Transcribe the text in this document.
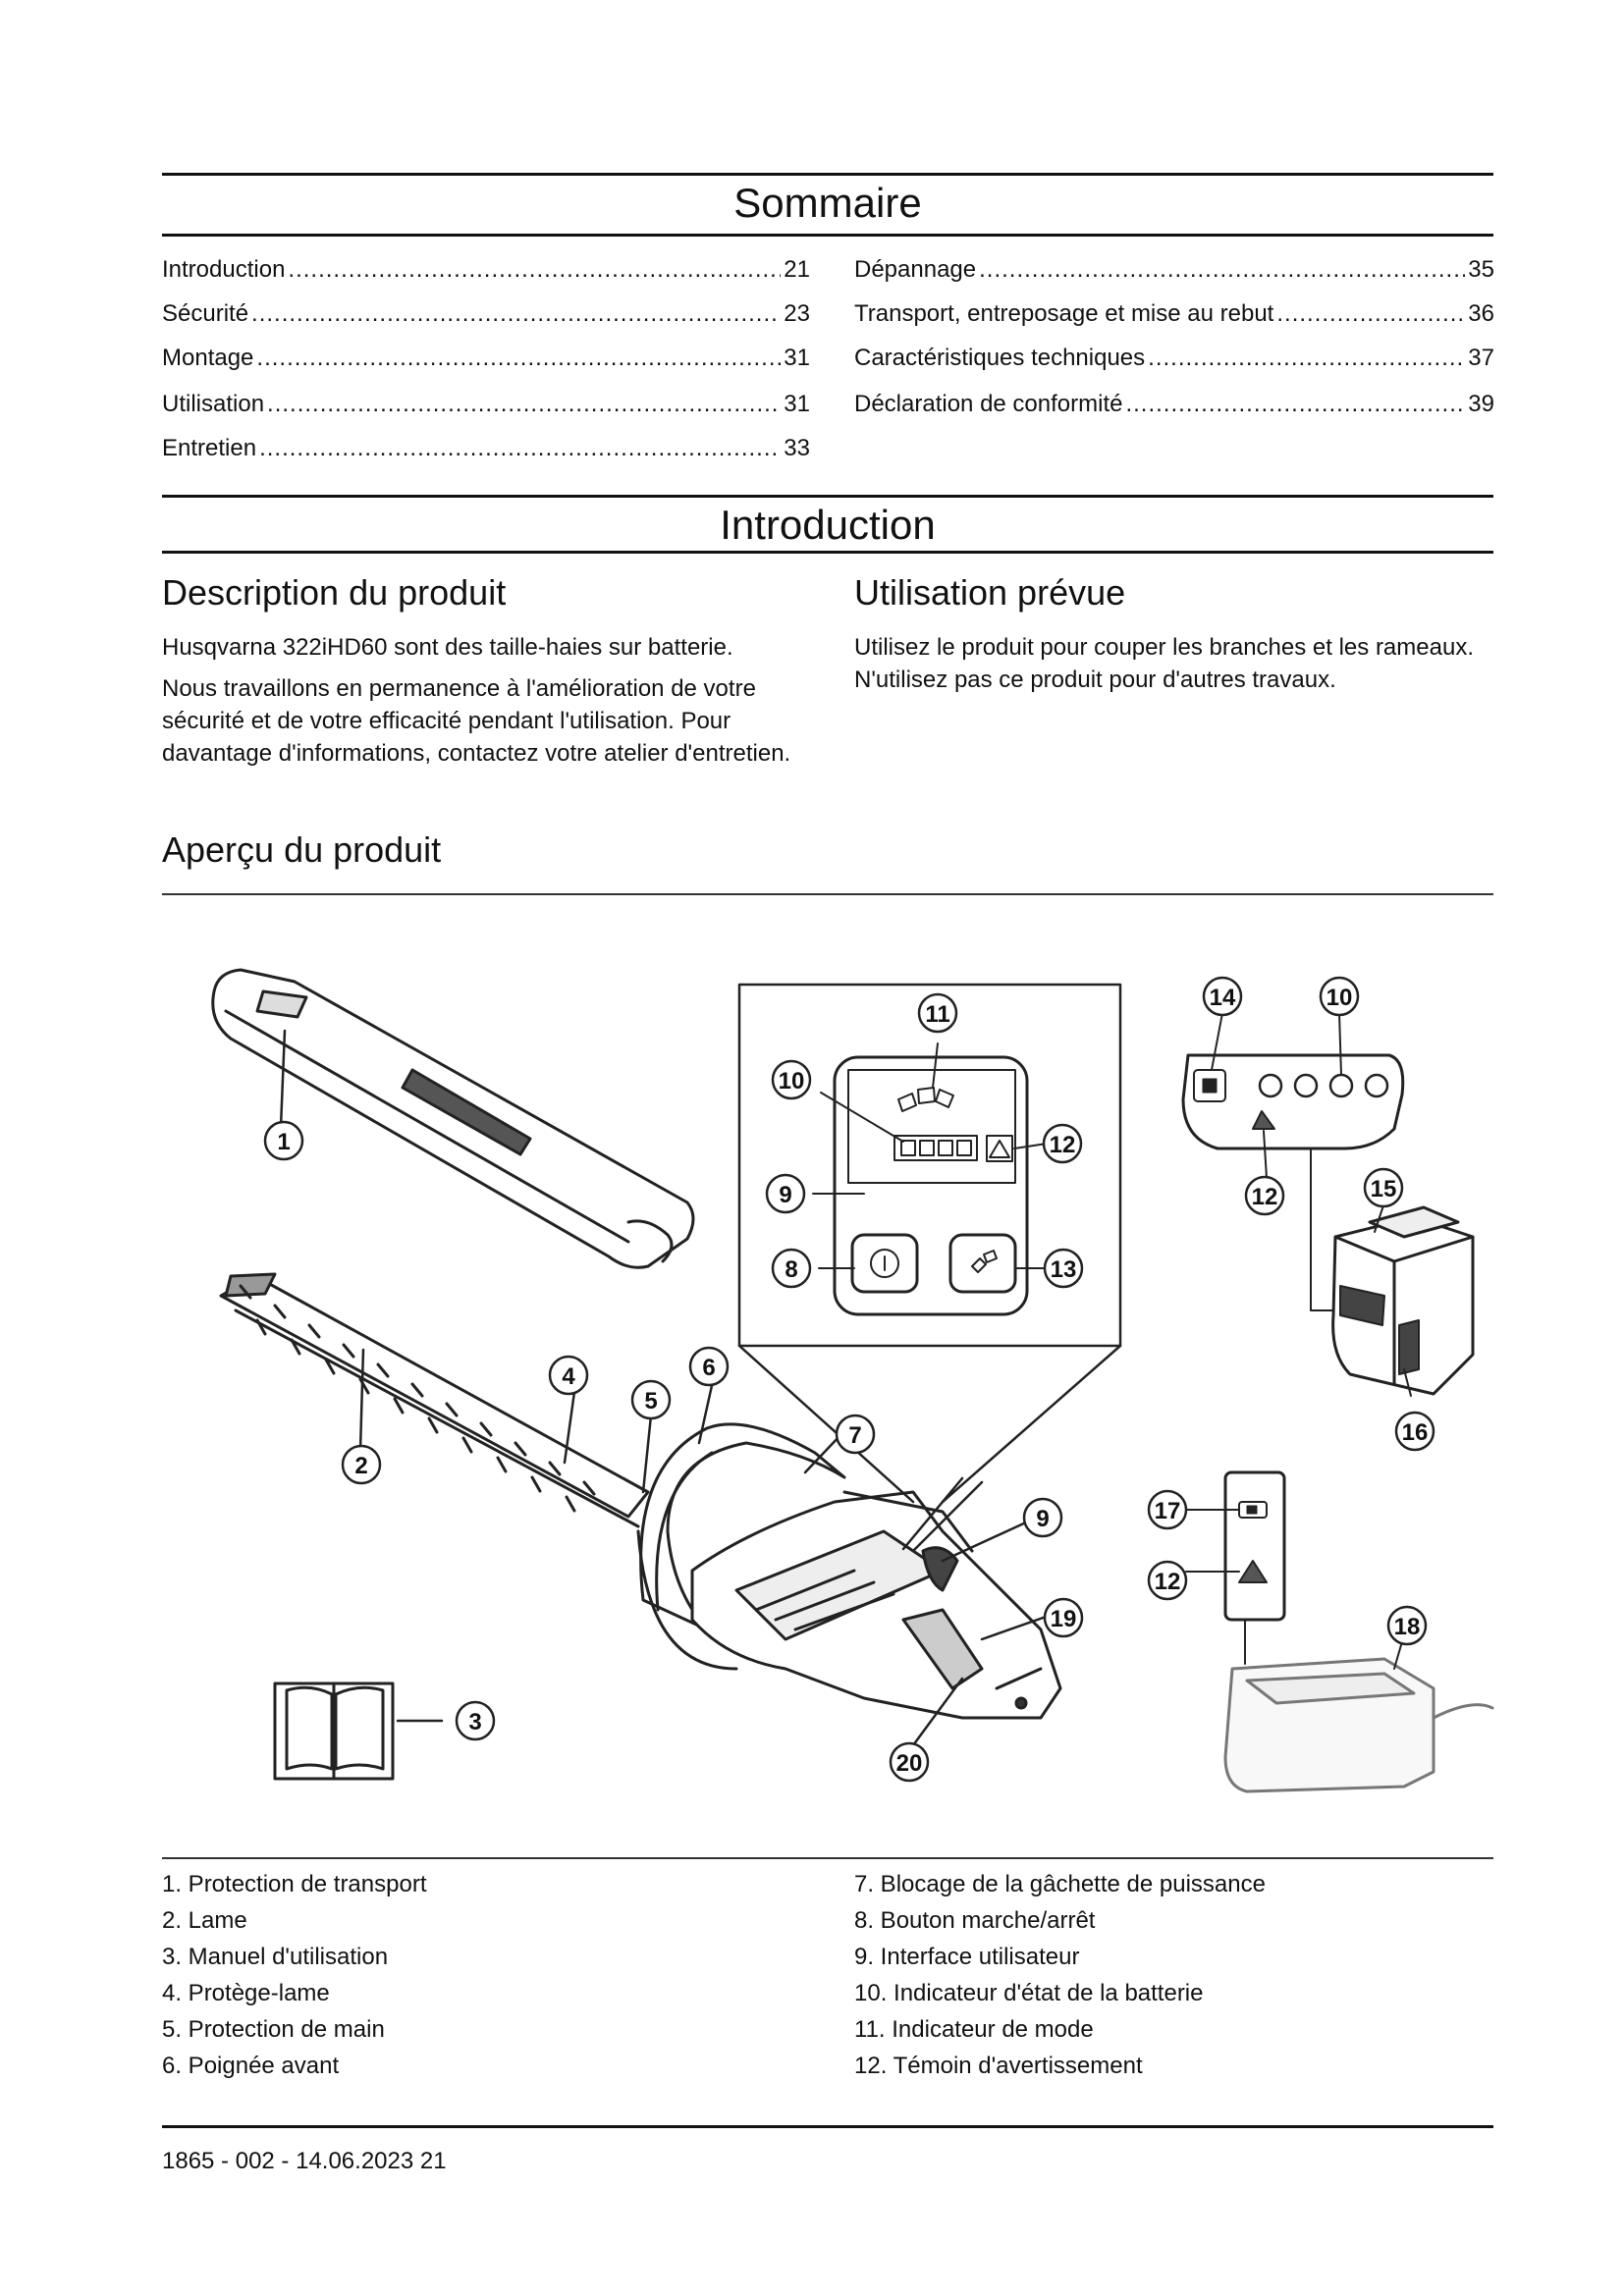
Sommaire
Introduction .....	21
Sécurité .....	23
Montage .....	31
Utilisation .....	31
Entretien .....	33
Dépannage .....	35
Transport, entreposage et mise au rebut .....	36
Caractéristiques techniques .....	37
Déclaration de conformité .....	39
Introduction
Description du produit

Husqvarna 322iHD60 sont des taille-haies sur batterie.

Nous travaillons en permanence à l'amélioration de votre sécurité et de votre efficacité pendant l'utilisation. Pour davantage d'informations, contactez votre atelier d'entretien.

Utilisation prévue

Utilisez le produit pour couper les branches et les rameaux. N'utilisez pas ce produit pour d'autres travaux.

Aperçu du produit
1
2
3
4
5
6
7
8
9
9
10
10
11
12
12
12
13
14
15
16
17
18
19
20
1. Protection de transport
2. Lame
3. Manuel d'utilisation
4. Protège-lame
5. Protection de main
6. Poignée avant
7. Blocage de la gâchette de puissance
8. Bouton marche/arrêt
9. Interface utilisateur
10. Indicateur d'état de la batterie
11. Indicateur de mode
12. Témoin d'avertissement
1865 - 002 - 14.06.2023 21
